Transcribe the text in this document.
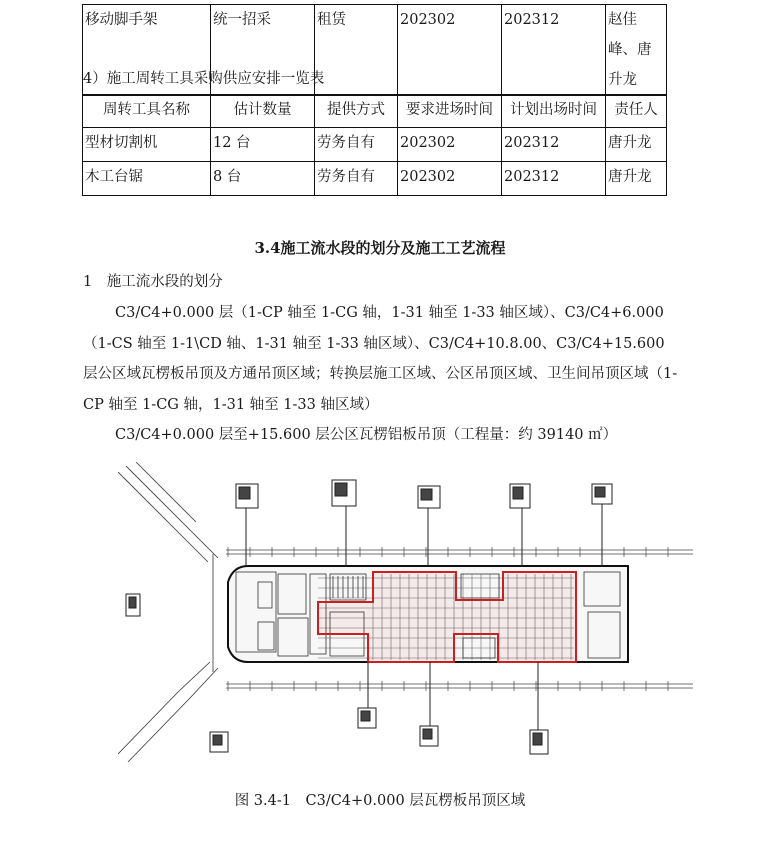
移动脚手架	统一招采	租赁	202302	202312	赵佳峰、唐升龙
4）施工周转工具采购供应安排一览表
周转工具名称	估计数量	提供方式	要求进场时间	计划出场时间	责任人
型材切割机	12 台	劳务自有	202302	202312	唐升龙
木工台锯	8 台	劳务自有	202302	202312	唐升龙
3.4施工流水段的划分及施工工艺流程
1　施工流水段的划分
C3/C4+0.000 层（1-CP 轴至 1-CG 轴，1-31 轴至 1-33 轴区域）、C3/C4+6.000（1-CS 轴至 1-1\CD 轴、1-31 轴至 1-33 轴区域）、C3/C4+10.8.00、C3/C4+15.600 层公区域瓦楞板吊顶及方通吊顶区域；转换层施工区域、公区吊顶区域、卫生间吊顶区域（1-CP 轴至 1-CG 轴，1-31 轴至 1-33 轴区域）
C3/C4+0.000 层至+15.600 层公区瓦楞铝板吊顶（工程量：约 39140 ㎡）
图 3.4-1　C3/C4+0.000 层瓦楞板吊顶区域
